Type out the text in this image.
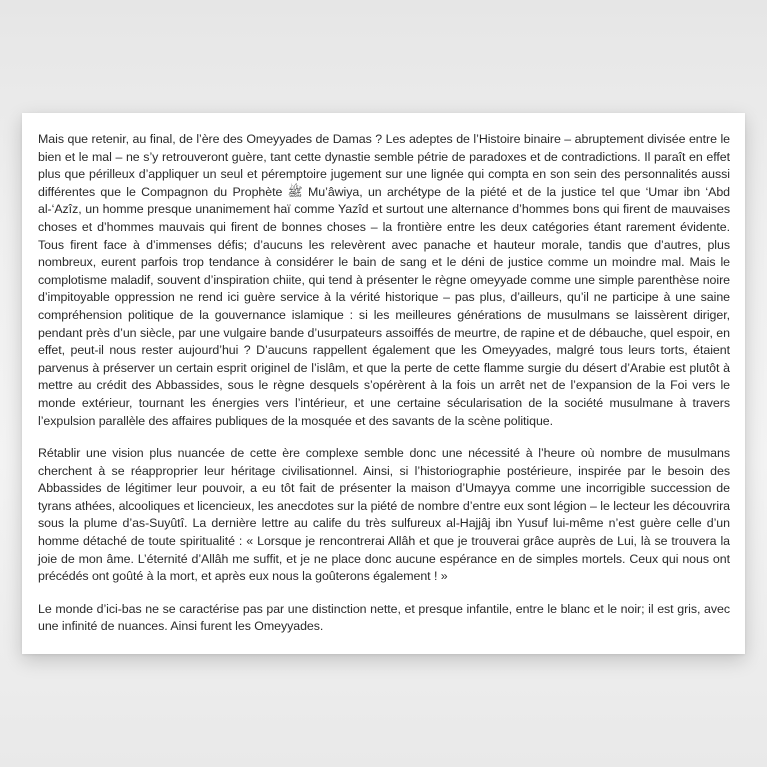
Mais que retenir, au final, de l’ère des Omeyyades de Damas ? Les adeptes de l’Histoire binaire – abruptement divisée entre le bien et le mal – ne s’y retrouveront guère, tant cette dynastie semble pétrie de paradoxes et de contradictions. Il paraît en effet plus que périlleux d’appliquer un seul et péremptoire jugement sur une lignée qui compta en son sein des personnalités aussi différentes que le Compagnon du Prophète ﷺ Mu’âwiya, un archétype de la piété et de la justice tel que ‘Umar ibn ‘Abd al-‘Azîz, un homme presque unanimement haï comme Yazîd et surtout une alternance d’hommes bons qui firent de mauvaises choses et d’hommes mauvais qui firent de bonnes choses – la frontière entre les deux catégories étant rarement évidente. Tous firent face à d’immenses défis; d’aucuns les relevèrent avec panache et hauteur morale, tandis que d’autres, plus nombreux, eurent parfois trop tendance à considérer le bain de sang et le déni de justice comme un moindre mal. Mais le complotisme maladif, souvent d’inspiration chiite, qui tend à présenter le règne omeyyade comme une simple parenthèse noire d’impitoyable oppression ne rend ici guère service à la vérité historique – pas plus, d’ailleurs, qu’il ne participe à une saine compréhension politique de la gouvernance islamique : si les meilleures générations de musulmans se laissèrent diriger, pendant près d’un siècle, par une vulgaire bande d’usurpateurs assoiffés de meurtre, de rapine et de débauche, quel espoir, en effet, peut-il nous rester aujourd’hui ? D’aucuns rappellent également que les Omeyyades, malgré tous leurs torts, étaient parvenus à préserver un certain esprit originel de l’islâm, et que la perte de cette flamme surgie du désert d’Arabie est plutôt à mettre au crédit des Abbassides, sous le règne desquels s’opérèrent à la fois un arrêt net de l’expansion de la Foi vers le monde extérieur, tournant les énergies vers l’intérieur, et une certaine sécularisation de la société musulmane à travers l’expulsion parallèle des affaires publiques de la mosquée et des savants de la scène politique.

Rétablir une vision plus nuancée de cette ère complexe semble donc une nécessité à l’heure où nombre de musulmans cherchent à se réapproprier leur héritage civilisationnel. Ainsi, si l’historiographie postérieure, inspirée par le besoin des Abbassides de légitimer leur pouvoir, a eu tôt fait de présenter la maison d’Umayya comme une incorrigible succession de tyrans athées, alcooliques et licencieux, les anecdotes sur la piété de nombre d’entre eux sont légion – le lecteur les découvrira sous la plume d’as-Suyûtî. La dernière lettre au calife du très sulfureux al-Hajjâj ibn Yusuf lui-même n’est guère celle d’un homme détaché de toute spiritualité : « Lorsque je rencontrerai Allâh et que je trouverai grâce auprès de Lui, là se trouvera la joie de mon âme. L’éternité d’Allâh me suffit, et je ne place donc aucune espérance en de simples mortels. Ceux qui nous ont précédés ont goûté à la mort, et après eux nous la goûterons également ! »

Le monde d’ici-bas ne se caractérise pas par une distinction nette, et presque infantile, entre le blanc et le noir; il est gris, avec une infinité de nuances. Ainsi furent les Omeyyades.
